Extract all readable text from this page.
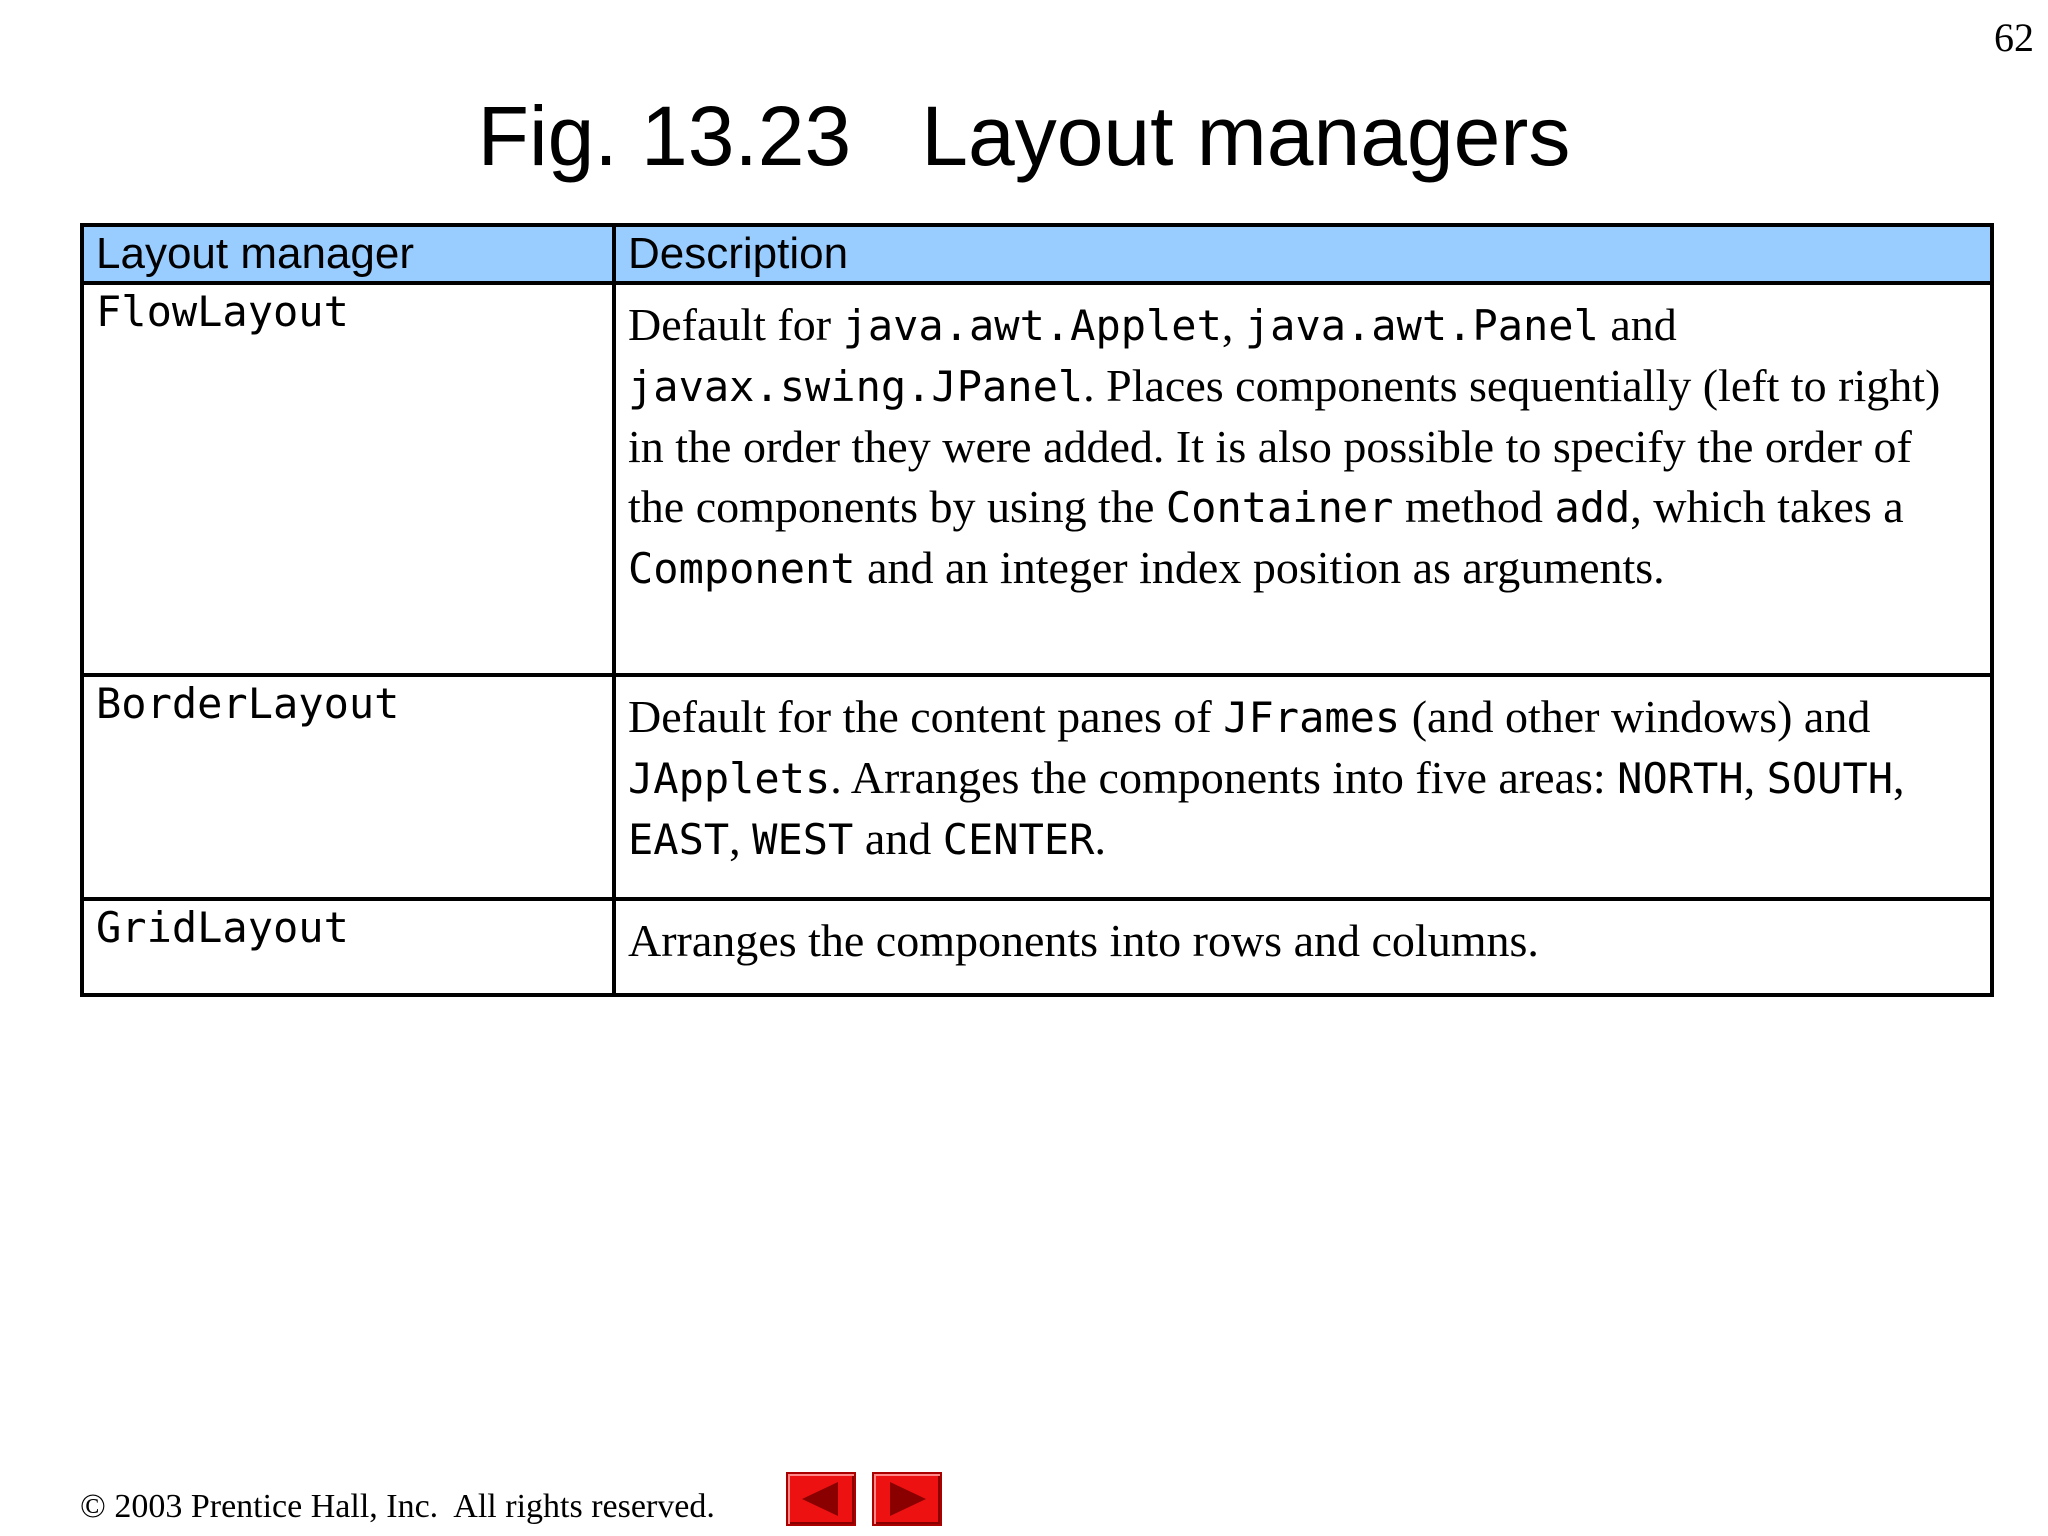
62
Fig. 13.23   Layout managers
Layout manager	Description
FlowLayout	Default for java.awt.Applet, java.awt.Panel and javax.swing.JPanel. Places components sequentially (left to right) in the order they were added. It is also possible to specify the order of the components by using the Container method add, which takes a Component and an integer index position as arguments.
BorderLayout	Default for the content panes of JFrames (and other windows) and JApplets. Arranges the components into five areas: NORTH, SOUTH, EAST, WEST and CENTER.
GridLayout	Arranges the components into rows and columns.
© 2003 Prentice Hall, Inc.  All rights reserved.
